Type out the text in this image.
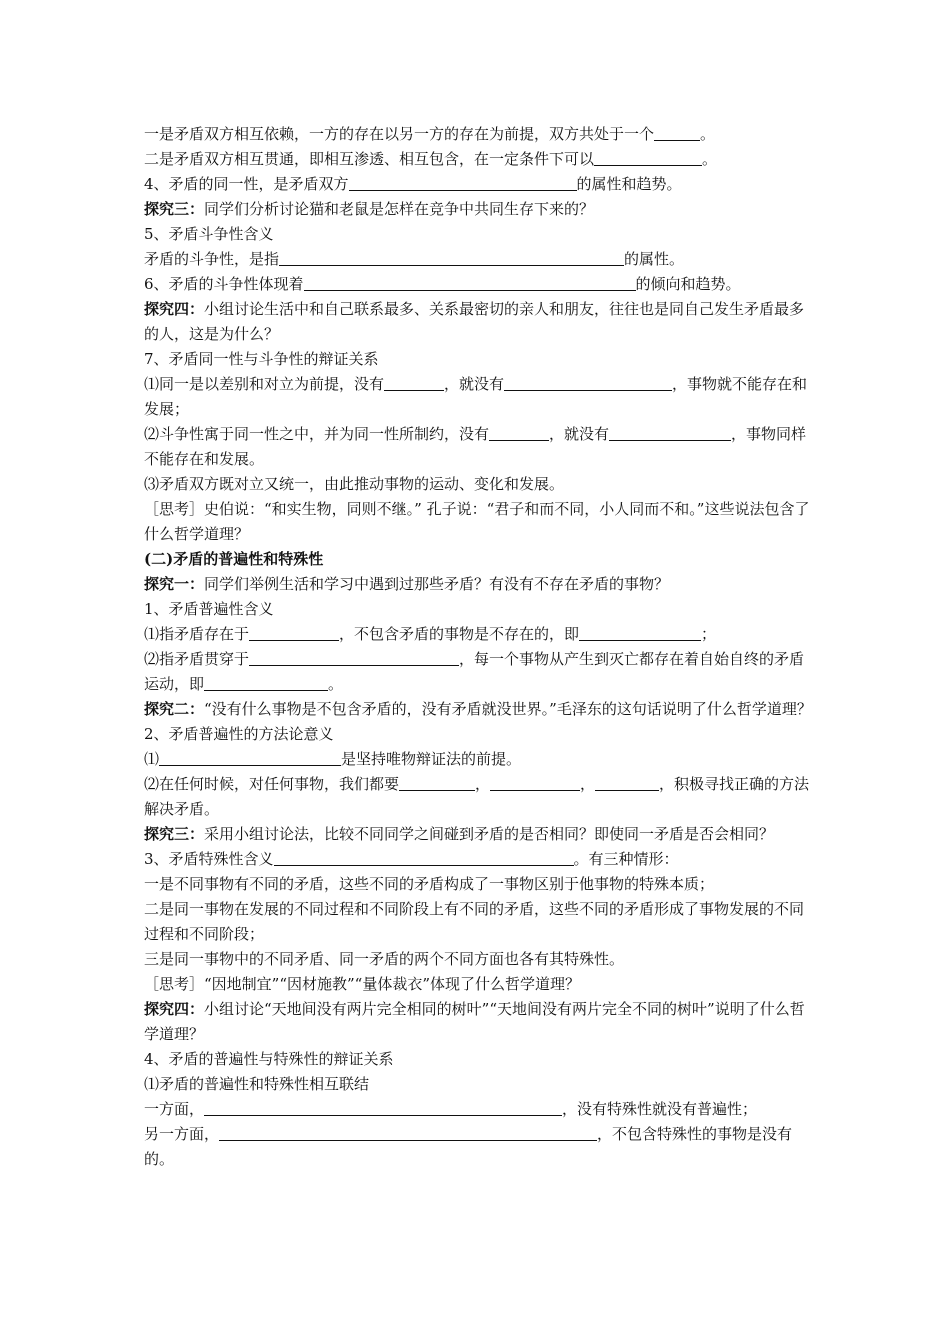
一是矛盾双方相互依赖，一方的存在以另一方的存在为前提，双方共处于一个	。
二是矛盾双方相互贯通，即相互渗透、相互包含，在一定条件下可以	。
4、矛盾的同一性，是矛盾双方	的属性和趋势。
探究三：同学们分析讨论猫和老鼠是怎样在竞争中共同生存下来的？
5、矛盾斗争性含义
矛盾的斗争性，是指	的属性。
6、矛盾的斗争性体现着	的倾向和趋势。
探究四：小组讨论生活中和自己联系最多、关系最密切的亲人和朋友，往往也是同自己发生矛盾最多的人，这是为什么？
7、矛盾同一性与斗争性的辩证关系
⑴同一是以差别和对立为前提，没有	，就没有	，事物就不能存在和发展；
⑵斗争性寓于同一性之中，并为同一性所制约，没有	，就没有	，事物同样不能存在和发展。
⑶矛盾双方既对立又统一，由此推动事物的运动、变化和发展。
［思考］史伯说：“和实生物，同则不继。” 孔子说：“君子和而不同，小人同而不和。”这些说法包含了什么哲学道理？
(二)矛盾的普遍性和特殊性
探究一：同学们举例生活和学习中遇到过那些矛盾？有没有不存在矛盾的事物？
1、矛盾普遍性含义
⑴指矛盾存在于	，不包含矛盾的事物是不存在的，即	；
⑵指矛盾贯穿于	，每一个事物从产生到灭亡都存在着自始自终的矛盾运动，即	。
探究二：“没有什么事物是不包含矛盾的，没有矛盾就没世界。”毛泽东的这句话说明了什么哲学道理？
2、矛盾普遍性的方法论意义
⑴	是坚持唯物辩证法的前提。
⑵在任何时候，对任何事物，我们都要	，	，	，积极寻找正确的方法解决矛盾。
探究三：采用小组讨论法，比较不同同学之间碰到矛盾的是否相同？即使同一矛盾是否会相同？
3、矛盾特殊性含义	。有三种情形：
一是不同事物有不同的矛盾，这些不同的矛盾构成了一事物区别于他事物的特殊本质；
二是同一事物在发展的不同过程和不同阶段上有不同的矛盾，这些不同的矛盾形成了事物发展的不同过程和不同阶段；
三是同一事物中的不同矛盾、同一矛盾的两个不同方面也各有其特殊性。
［思考］“因地制宜”“因材施教”“量体裁衣”体现了什么哲学道理？
探究四：小组讨论“天地间没有两片完全相同的树叶”“天地间没有两片完全不同的树叶”说明了什么哲学道理？
4、矛盾的普遍性与特殊性的辩证关系
⑴矛盾的普遍性和特殊性相互联结
一方面，	，没有特殊性就没有普遍性；
另一方面，	，不包含特殊性的事物是没有的。
